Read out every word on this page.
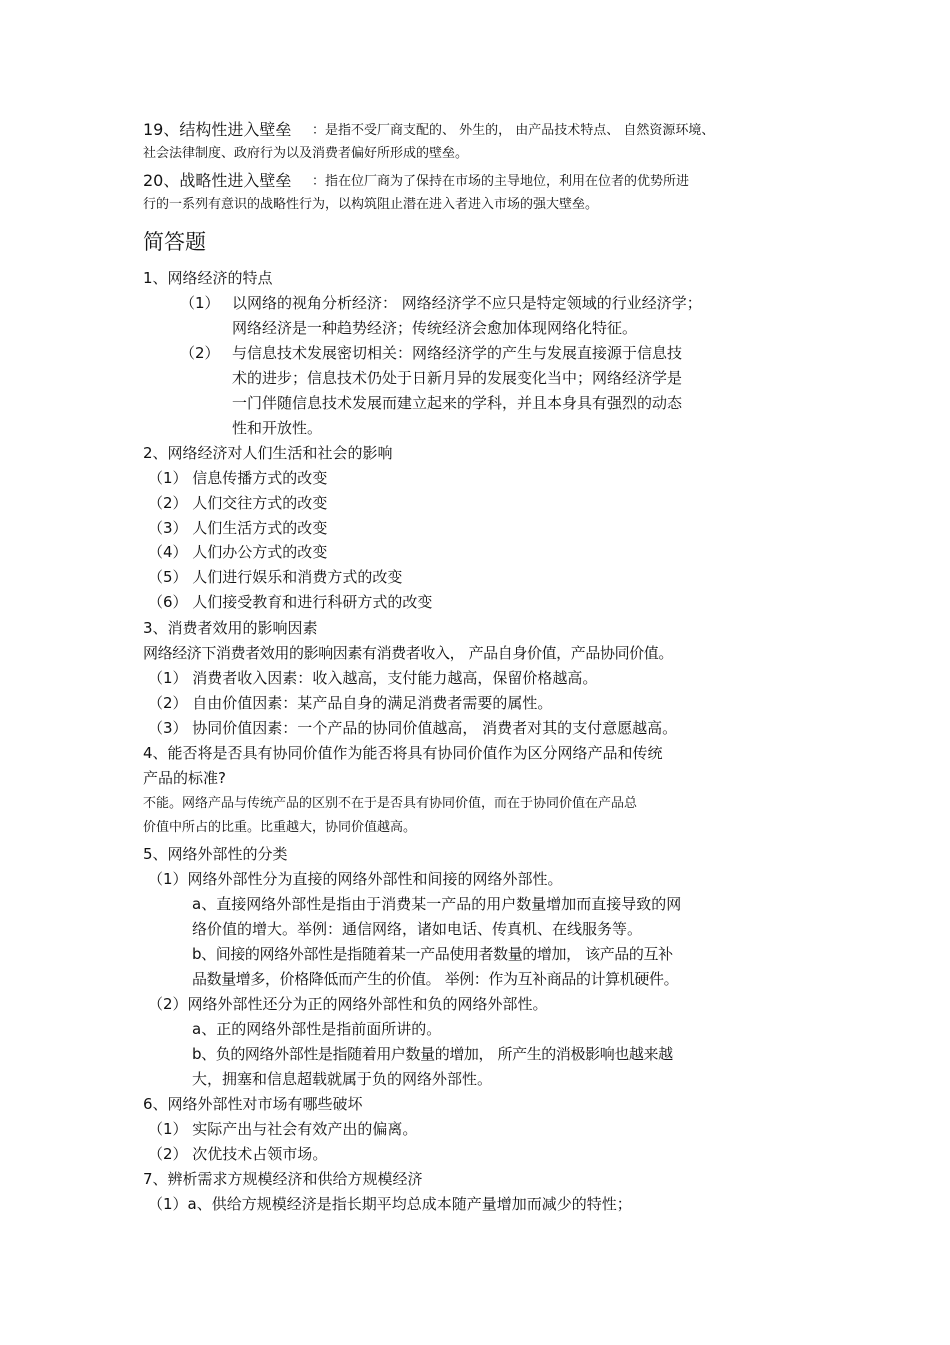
19、结构性进入壁垒 ：是指不受厂商支配的、 外生的， 由产品技术特点、 自然资源环境、
社会法律制度、政府行为以及消费者偏好所形成的壁垒。
20、战略性进入壁垒 ：指在位厂商为了保持在市场的主导地位，利用在位者的优势所进
行的一系列有意识的战略性行为，以构筑阻止潜在进入者进入市场的强大壁垒。
简答题
1、网络经济的特点
（1） 以网络的视角分析经济： 网络经济学不应只是特定领域的行业经济学；
网络经济是一种趋势经济；传统经济会愈加体现网络化特征。
（2） 与信息技术发展密切相关：网络经济学的产生与发展直接源于信息技
术的进步；信息技术仍处于日新月异的发展变化当中；网络经济学是
一门伴随信息技术发展而建立起来的学科，并且本身具有强烈的动态
性和开放性。
2、网络经济对人们生活和社会的影响
（1） 信息传播方式的改变
（2） 人们交往方式的改变
（3） 人们生活方式的改变
（4） 人们办公方式的改变
（5） 人们进行娱乐和消费方式的改变
（6） 人们接受教育和进行科研方式的改变
3、消费者效用的影响因素
网络经济下消费者效用的影响因素有消费者收入， 产品自身价值，产品协同价值。
（1） 消费者收入因素：收入越高，支付能力越高，保留价格越高。
（2） 自由价值因素：某产品自身的满足消费者需要的属性。
（3） 协同价值因素：一个产品的协同价值越高， 消费者对其的支付意愿越高。
4、能否将是否具有协同价值作为能否将具有协同价值作为区分网络产品和传统
产品的标准?
不能。网络产品与传统产品的区别不在于是否具有协同价值，而在于协同价值在产品总
价值中所占的比重。比重越大，协同价值越高。
5、网络外部性的分类
（1）网络外部性分为直接的网络外部性和间接的网络外部性。
a、直接网络外部性是指由于消费某一产品的用户数量增加而直接导致的网
络价值的增大。举例：通信网络，诸如电话、传真机、在线服务等。
b、间接的网络外部性是指随着某一产品使用者数量的增加， 该产品的互补
品数量增多，价格降低而产生的价值。 举例：作为互补商品的计算机硬件。
（2）网络外部性还分为正的网络外部性和负的网络外部性。
a、正的网络外部性是指前面所讲的。
b、负的网络外部性是指随着用户数量的增加， 所产生的消极影响也越来越
大，拥塞和信息超载就属于负的网络外部性。
6、网络外部性对市场有哪些破坏
（1） 实际产出与社会有效产出的偏离。
（2） 次优技术占领市场。
7、辨析需求方规模经济和供给方规模经济
（1）a、供给方规模经济是指长期平均总成本随产量增加而减少的特性；
